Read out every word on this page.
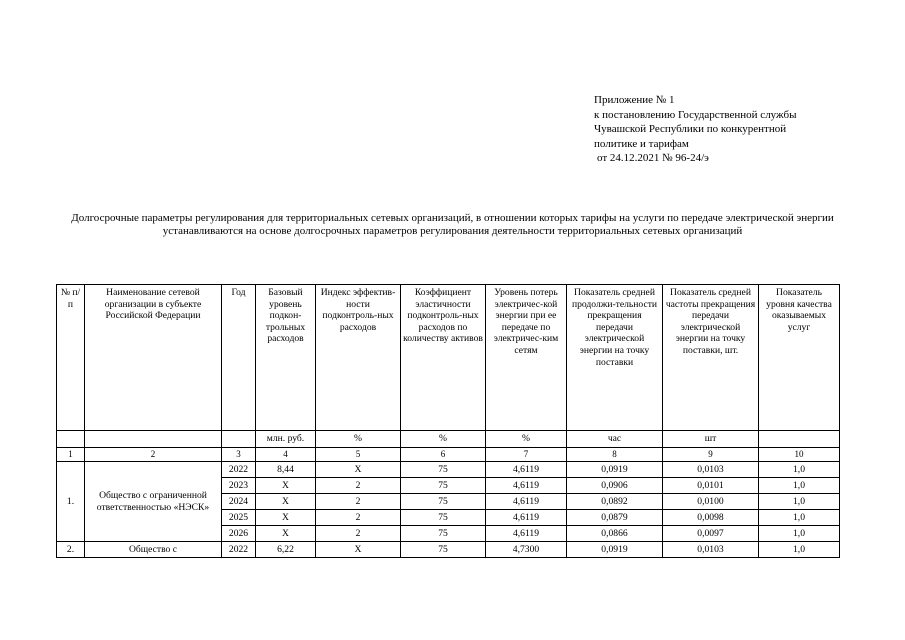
Приложение № 1
к постановлению Государственной службы
Чувашской Республики по конкурентной
политике и тарифам
от 24.12.2021 № 96-24/э
Долгосрочные параметры регулирования для территориальных сетевых организаций, в отношении которых тарифы на услуги по передаче электрической энергии устанавливаются на основе долгосрочных параметров регулирования деятельности территориальных сетевых организаций
№ п/п	Наименование сетевой организации в субъекте Российской Федерации	Год	Базовый уровень подкон-трольных расходов	Индекс эффектив-ности подконтроль-ных расходов	Коэффициент эластичности подконтроль-ных расходов по количеству активов	Уровень потерь электричес-кой энергии при ее передаче по электричес-ким сетям	Показатель средней продолжи-тельности прекращения передачи электрической энергии на точку поставки	Показатель средней частоты прекращения передачи электрической энергии на точку поставки, шт.	Показатель уровня качества оказываемых услуг
			млн. руб.	%	%	%	час	шт	
1	2	3	4	5	6	7	8	9	10
1.	Общество с ограниченной ответственностью «НЭСК»	2022	8,44	Х	75	4,6119	0,0919	0,0103	1,0
		2023	Х	2	75	4,6119	0,0906	0,0101	1,0
		2024	Х	2	75	4,6119	0,0892	0,0100	1,0
		2025	Х	2	75	4,6119	0,0879	0,0098	1,0
		2026	Х	2	75	4,6119	0,0866	0,0097	1,0
2.	Общество с	2022	6,22	Х	75	4,7300	0,0919	0,0103	1,0
